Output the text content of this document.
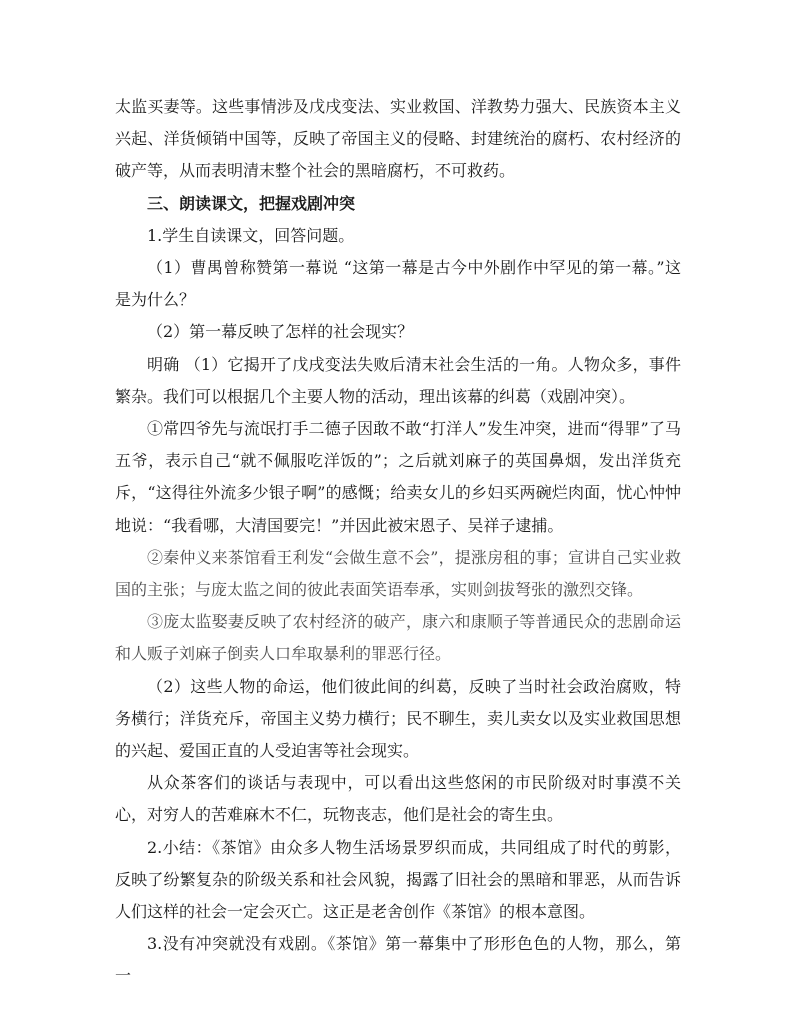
太监买妻等。这些事情涉及戊戌变法、实业救国、洋教势力强大、民族资本主义兴起、洋货倾销中国等，反映了帝国主义的侵略、封建统治的腐朽、农村经济的破产等，从而表明清末整个社会的黑暗腐朽，不可救药。

三、朗读课文，把握戏剧冲突

1.学生自读课文，回答问题。

（1）曹禺曾称赞第一幕说 “这第一幕是古今中外剧作中罕见的第一幕。”这是为什么？

（2）第一幕反映了怎样的社会现实？

明确 （1）它揭开了戊戌变法失败后清末社会生活的一角。人物众多，事件繁杂。我们可以根据几个主要人物的活动，理出该幕的纠葛（戏剧冲突）。

①常四爷先与流氓打手二德子因敢不敢“打洋人”发生冲突，进而“得罪”了马五爷，表示自己“就不佩服吃洋饭的”；之后就刘麻子的英国鼻烟，发出洋货充斥，“这得往外流多少银子啊”的感慨；给卖女儿的乡妇买两碗烂肉面，忧心忡忡地说：“我看哪，大清国要完！”并因此被宋恩子、吴祥子逮捕。

②秦仲义来茶馆看王利发“会做生意不会”，提涨房租的事；宣讲自己实业救国的主张；与庞太监之间的彼此表面笑语奉承，实则剑拔弩张的激烈交锋。

③庞太监娶妻反映了农村经济的破产，康六和康顺子等普通民众的悲剧命运和人贩子刘麻子倒卖人口牟取暴利的罪恶行径。

（2）这些人物的命运，他们彼此间的纠葛，反映了当时社会政治腐败，特务横行；洋货充斥，帝国主义势力横行；民不聊生，卖儿卖女以及实业救国思想的兴起、爱国正直的人受迫害等社会现实。

从众茶客们的谈话与表现中，可以看出这些悠闲的市民阶级对时事漠不关心，对穷人的苦难麻木不仁，玩物丧志，他们是社会的寄生虫。

2.小结：《茶馆》由众多人物生活场景罗织而成，共同组成了时代的剪影，反映了纷繁复杂的阶级关系和社会风貌，揭露了旧社会的黑暗和罪恶，从而告诉人们这样的社会一定会灭亡。这正是老舍创作《茶馆》的根本意图。

3.没有冲突就没有戏剧。《茶馆》第一幕集中了形形色色的人物，那么，第一
